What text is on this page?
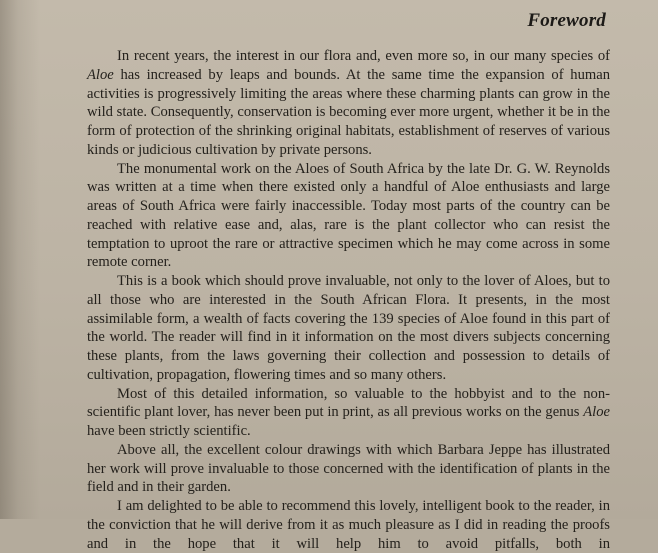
Foreword

In recent years, the interest in our flora and, even more so, in our many species of Aloe has increased by leaps and bounds. At the same time the expansion of human activities is progressively limiting the areas where these charming plants can grow in the wild state. Consequently, conservation is becoming ever more urgent, whether it be in the form of protection of the shrinking original habitats, establishment of reserves of various kinds or judicious cultivation by private persons.

The monumental work on the Aloes of South Africa by the late Dr. G. W. Reynolds was written at a time when there existed only a handful of Aloe enthusiasts and large areas of South Africa were fairly inaccessible. Today most parts of the country can be reached with relative ease and, alas, rare is the plant collector who can resist the temptation to uproot the rare or attractive specimen which he may come across in some remote corner.

This is a book which should prove invaluable, not only to the lover of Aloes, but to all those who are interested in the South African Flora. It presents, in the most assimilable form, a wealth of facts covering the 139 species of Aloe found in this part of the world. The reader will find in it information on the most divers subjects concerning these plants, from the laws governing their collection and possession to details of cultivation, propagation, flowering times and so many others.

Most of this detailed information, so valuable to the hobbyist and to the non-scientific plant lover, has never been put in print, as all previous works on the genus Aloe have been strictly scientific.

Above all, the excellent colour drawings with which Barbara Jeppe has illustrated her work will prove invaluable to those concerned with the identification of plants in the field and in their garden.

I am delighted to be able to recommend this lovely, intelligent book to the reader, in the conviction that he will derive from it as much pleasure as I did in reading the proofs and in the hope that it will help him to avoid pitfalls, both in
